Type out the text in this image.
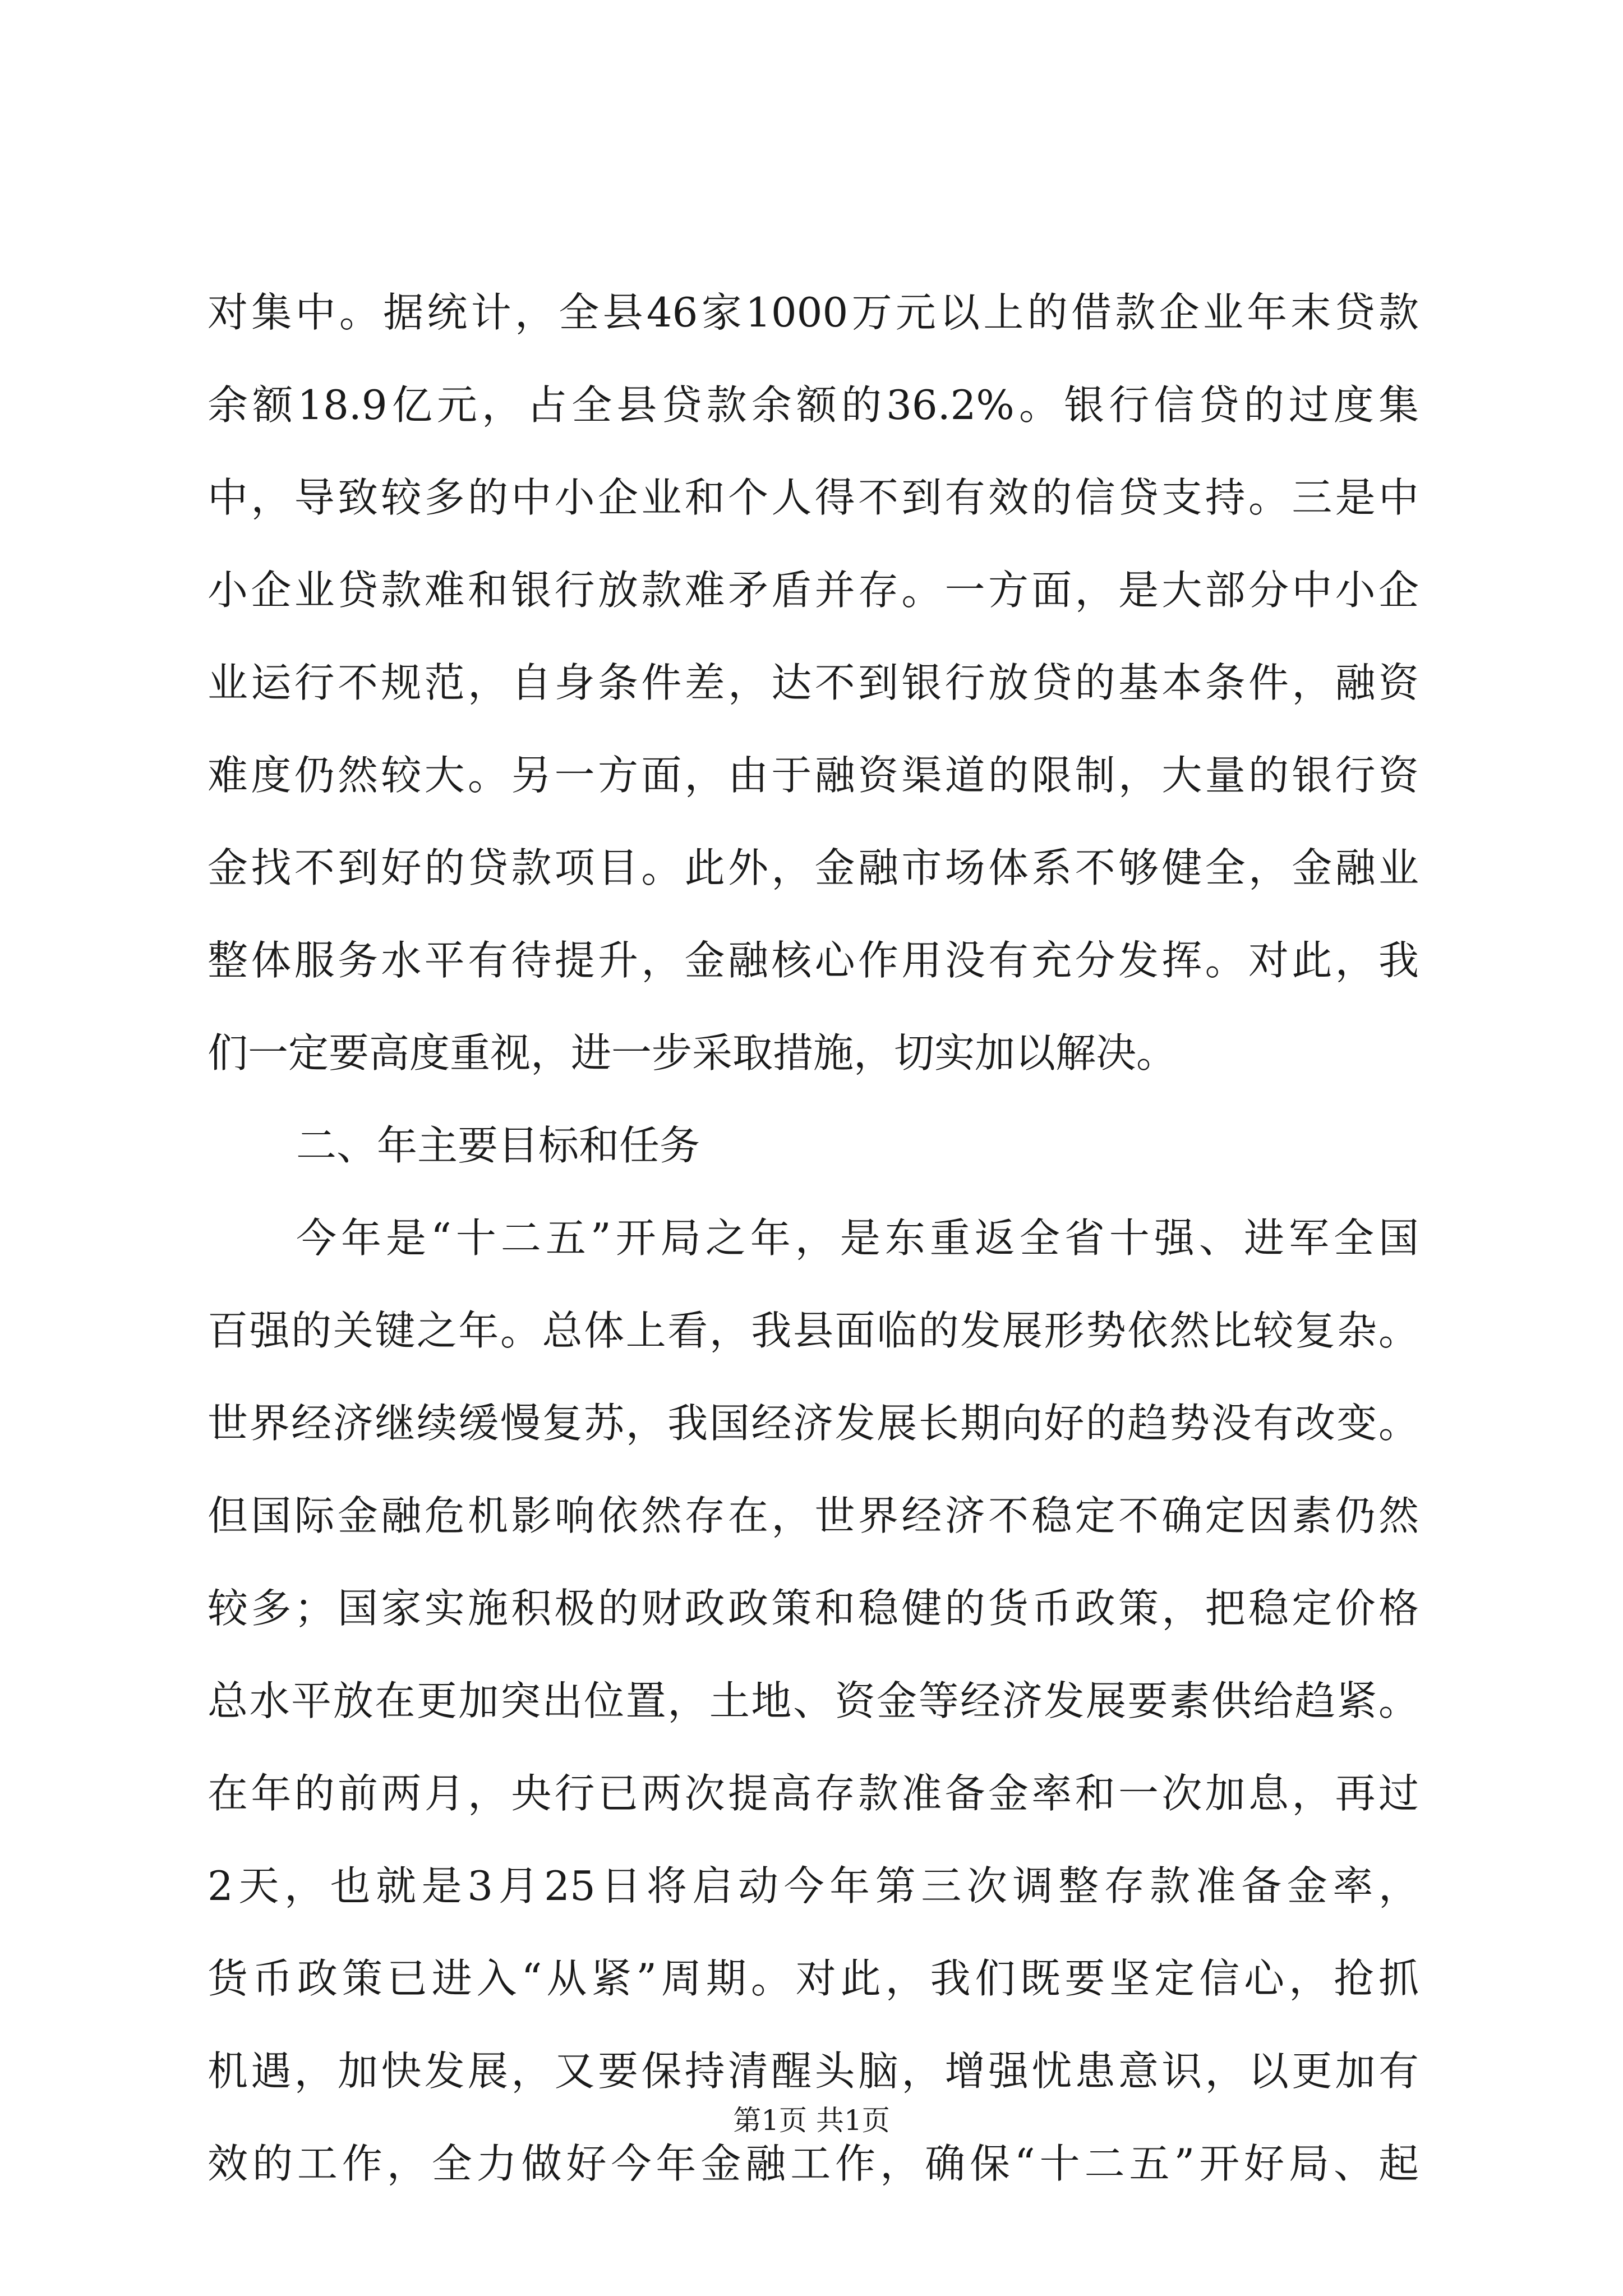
对集中。据统计，全县46家1000万元以上的借款企业年末贷款
余额18.9亿元，占全县贷款余额的36.2%。银行信贷的过度集
中，导致较多的中小企业和个人得不到有效的信贷支持。三是中
小企业贷款难和银行放款难矛盾并存。一方面，是大部分中小企
业运行不规范，自身条件差，达不到银行放贷的基本条件，融资
难度仍然较大。另一方面，由于融资渠道的限制，大量的银行资
金找不到好的贷款项目。此外，金融市场体系不够健全，金融业
整体服务水平有待提升，金融核心作用没有充分发挥。对此，我
们一定要高度重视，进一步采取措施，切实加以解决。
二、年主要目标和任务
今年是“十二五”开局之年，是东重返全省十强、进军全国
百强的关键之年。总体上看，我县面临的发展形势依然比较复杂。
世界经济继续缓慢复苏，我国经济发展长期向好的趋势没有改变。
但国际金融危机影响依然存在，世界经济不稳定不确定因素仍然
较多；国家实施积极的财政政策和稳健的货币政策，把稳定价格
总水平放在更加突出位置，土地、资金等经济发展要素供给趋紧。
在年的前两月，央行已两次提高存款准备金率和一次加息，再过
2天，也就是3月25日将启动今年第三次调整存款准备金率，
货币政策已进入“从紧”周期。对此，我们既要坚定信心，抢抓
机遇，加快发展，又要保持清醒头脑，增强忧患意识，以更加有
效的工作，全力做好今年金融工作，确保“十二五”开好局、起
第1页 共1页
